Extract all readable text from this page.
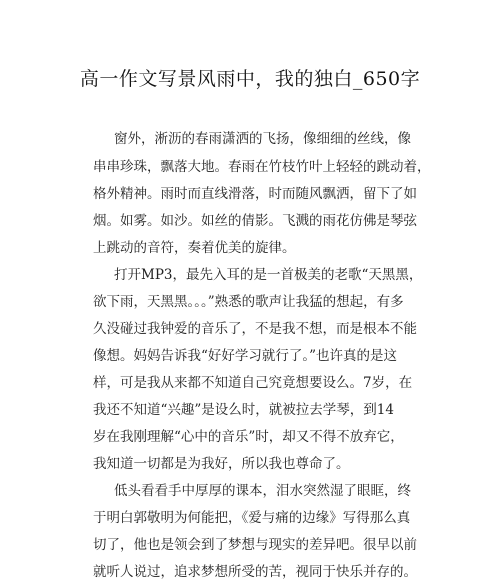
高一作文写景风雨中，我的独白_650字
窗外，淅沥的春雨潇洒的飞扬，像细细的丝线，像
串串珍珠，飘落大地。春雨在竹枝竹叶上轻轻的跳动着，
格外精神。雨时而直线滑落，时而随风飘洒，留下了如
烟。如雾。如沙。如丝的倩影。飞溅的雨花仿佛是琴弦
上跳动的音符，奏着优美的旋律。
打开MP3，最先入耳的是一首极美的老歌“天黑黑，
欲下雨，天黑黑。。。”熟悉的歌声让我猛的想起，有多
久没碰过我钟爱的音乐了，不是我不想，而是根本不能
像想。妈妈告诉我“好好学习就行了。”也许真的是这
样，可是我从来都不知道自己究竟想要设么。7岁，在
我还不知道“兴趣”是设么时，就被拉去学琴，到14
岁在我刚理解“心中的音乐”时，却又不得不放弃它，
我知道一切都是为我好，所以我也尊命了。
低头看看手中厚厚的课本，泪水突然湿了眼眶，终
于明白郭敬明为何能把，《爱与痛的边缘》写得那么真
切了，他也是领会到了梦想与现实的差异吧。很早以前
就听人说过，追求梦想所受的苦，视同于快乐并存的。
